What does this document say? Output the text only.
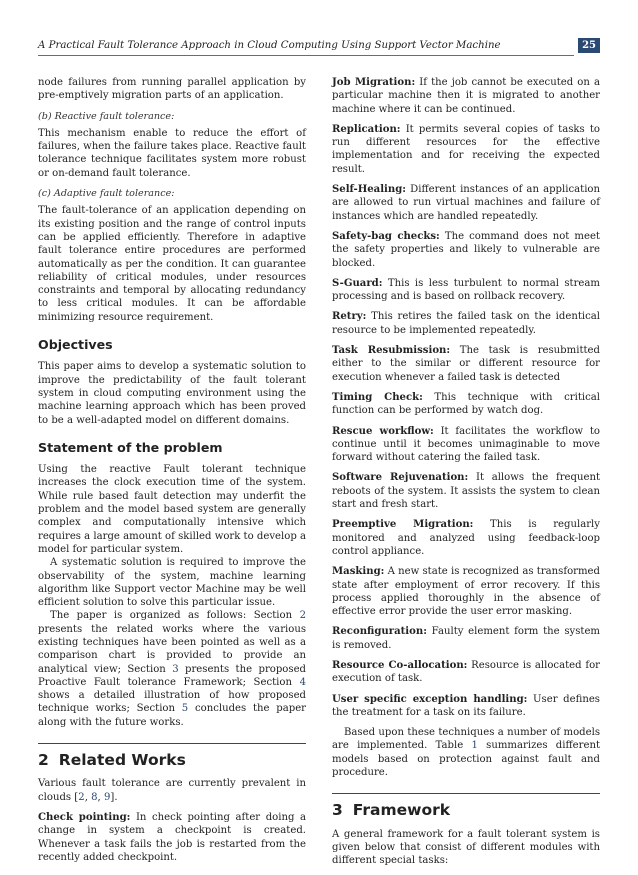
A Practical Fault Tolerance Approach in Cloud Computing Using Support Vector Machine	25

node failures from running parallel application by pre-emptively migration parts of an application.

(b) Reactive fault tolerance:

This mechanism enable to reduce the effort of failures, when the failure takes place. Reactive fault tolerance technique facilitates system more robust or on-demand fault tolerance.

(c) Adaptive fault tolerance:

The fault-tolerance of an application depending on its existing position and the range of control inputs can be applied efficiently. Therefore in adaptive fault tolerance entire procedures are performed automatically as per the condition. It can guarantee reliability of critical modules, under resources constraints and temporal by allocating redundancy to less critical modules. It can be affordable minimizing resource requirement.

Objectives

This paper aims to develop a systematic solution to improve the predictability of the fault tolerant system in cloud computing environment using the machine learning approach which has been proved to be a well-adapted model on different domains.

Statement of the problem

Using the reactive Fault tolerant technique increases the clock execution time of the system. While rule based fault detection may underfit the problem and the model based system are generally complex and computationally intensive which requires a large amount of skilled work to develop a model for particular system.

A systematic solution is required to improve the observability of the system, machine learning algorithm like Support vector Machine may be well efficient solution to solve this particular issue.

The paper is organized as follows: Section 2 presents the related works where the various existing techniques have been pointed as well as a comparison chart is provided to provide an analytical view; Section 3 presents the proposed Proactive Fault tolerance Framework; Section 4 shows a detailed illustration of how proposed technique works; Section 5 concludes the paper along with the future works.

2 Related Works

Various fault tolerance are currently prevalent in clouds [2, 8, 9].

Check pointing: In check pointing after doing a change in system a checkpoint is created. Whenever a task fails the job is restarted from the recently added checkpoint.

Job Migration: If the job cannot be executed on a particular machine then it is migrated to another machine where it can be continued.

Replication: It permits several copies of tasks to run different resources for the effective implementation and for receiving the expected result.

Self-Healing: Different instances of an application are allowed to run virtual machines and failure of instances which are handled repeatedly.

Safety-bag checks: The command does not meet the safety properties and likely to vulnerable are blocked.

S-Guard: This is less turbulent to normal stream processing and is based on rollback recovery.

Retry: This retires the failed task on the identical resource to be implemented repeatedly.

Task Resubmission: The task is resubmitted either to the similar or different resource for execution whenever a failed task is detected

Timing Check: This technique with critical function can be performed by watch dog.

Rescue workflow: It facilitates the workflow to continue until it becomes unimaginable to move forward without catering the failed task.

Software Rejuvenation: It allows the frequent reboots of the system. It assists the system to clean start and fresh start.

Preemptive Migration: This is regularly monitored and analyzed using feedback-loop control appliance.

Masking: A new state is recognized as transformed state after employment of error recovery. If this process applied thoroughly in the absence of effective error provide the user error masking.

Reconfiguration: Faulty element form the system is removed.

Resource Co-allocation: Resource is allocated for execution of task.

User specific exception handling: User defines the treatment for a task on its failure.

Based upon these techniques a number of models are implemented. Table 1 summarizes different models based on protection against fault and procedure.

3 Framework

A general framework for a fault tolerant system is given below that consist of different modules with different special tasks:
